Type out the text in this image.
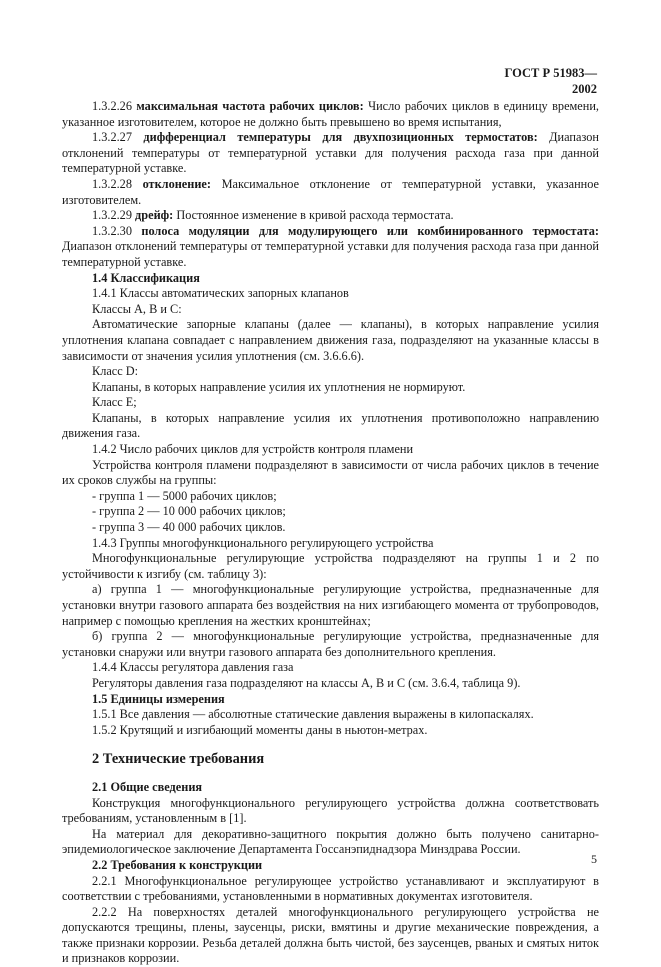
ГОСТ Р 51983—2002

1.3.2.26 максимальная частота рабочих циклов: Число рабочих циклов в единицу времени, указанное изготовителем, которое не должно быть превышено во время испытания,

1.3.2.27 дифференциал температуры для двухпозиционных термостатов: Диапазон отклонений температуры от температурной уставки для получения расхода газа при данной температурной уставке.

1.3.2.28 отклонение: Максимальное отклонение от температурной уставки, указанное изготовителем.

1.3.2.29 дрейф: Постоянное изменение в кривой расхода термостата.

1.3.2.30 полоса модуляции для модулирующего или комбинированного термостата: Диапазон отклонений температуры от температурной уставки для получения расхода газа при данной температурной уставке.

1.4 Классификация

1.4.1 Классы автоматических запорных клапанов

Классы А, В и С:

Автоматические запорные клапаны (далее — клапаны), в которых направление усилия уплотнения клапана совпадает с направлением движения газа, подразделяют на указанные классы в зависимости от значения усилия уплотнения (см. 3.6.6.6).

Класс D:

Клапаны, в которых направление усилия их уплотнения не нормируют.

Класс Е;

Клапаны, в которых направление усилия их уплотнения противоположно направлению движения газа.

1.4.2 Число рабочих циклов для устройств контроля пламени

Устройства контроля пламени подразделяют в зависимости от числа рабочих циклов в течение их сроков службы на группы:

- группа 1 — 5000 рабочих циклов;

- группа 2 — 10 000 рабочих циклов;

- группа 3 — 40 000 рабочих циклов.

1.4.3 Группы многофункционального регулирующего устройства

Многофункциональные регулирующие устройства подразделяют на группы 1 и 2 по устойчивости к изгибу (см. таблицу 3):

а) группа 1 — многофункциональные регулирующие устройства, предназначенные для установки внутри газового аппарата без воздействия на них изгибающего момента от трубопроводов, например с помощью крепления на жестких кронштейнах;

б) группа 2 — многофункциональные регулирующие устройства, предназначенные для установки снаружи или внутри газового аппарата без дополнительного крепления.

1.4.4 Классы регулятора давления газа

Регуляторы давления газа подразделяют на классы А, В и С (см. 3.6.4, таблица 9).

1.5 Единицы измерения

1.5.1 Все давления — абсолютные статические давления выражены в килопаскалях.

1.5.2 Крутящий и изгибающий моменты даны в ньютон-метрах.

2 Технические требования

2.1 Общие сведения

Конструкция многофункционального регулирующего устройства должна соответствовать требованиям, установленным в [1].

На материал для декоративно-защитного покрытия должно быть получено санитарно-эпидемиологическое заключение Департамента Госсанэпиднадзора Минздрава России.

2.2 Требования к конструкции

2.2.1 Многофункциональное регулирующее устройство устанавливают и эксплуатируют в соответствии с требованиями, установленными в нормативных документах изготовителя.

2.2.2 На поверхностях деталей многофункционального регулирующего устройства не допускаются трещины, плены, заусенцы, риски, вмятины и другие механические повреждения, а также признаки коррозии. Резьба деталей должна быть чистой, без заусенцев, рваных и смятых ниток и признаков коррозии.

5
